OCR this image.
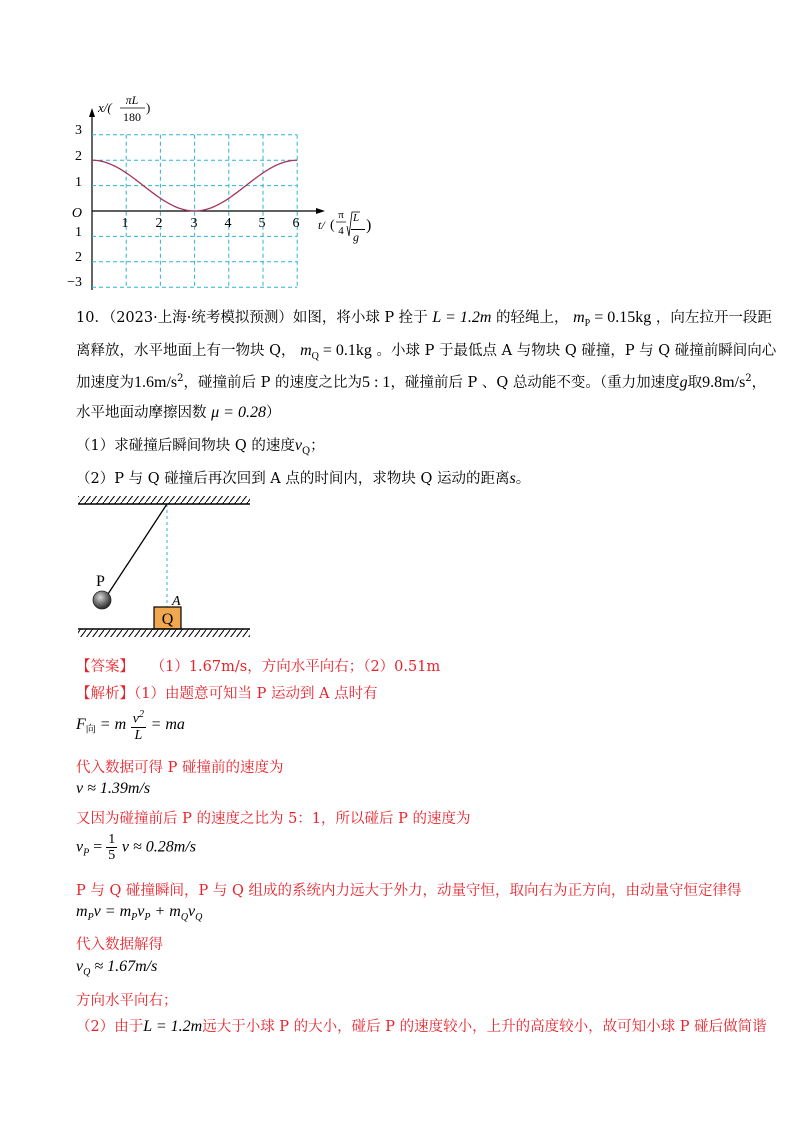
3
2
1
1
2
−3
O
1 2 3 4 5 6
x/( πL
180
)
t/ (
π
4
L
g
)
10．（2023·上海·统考模拟预测）如图，将小球 P 拴于 L = 1.2m 的轻绳上， $m_P = 0.15kg$ ，向左拉开一段距
离释放，水平地面上有一物块 Q， $m_Q = 0.1kg$ 。小球 P 于最低点 A 与物块 Q 碰撞，P 与 Q 碰撞前瞬间向心
加速度为$1.6m/s^2$，碰撞前后 P 的速度之比为5 : 1，碰撞前后 P 、Q 总动能不变。（重力加速度g取$9.8m/s^2$，
水平地面动摩擦因数 μ = 0.28）
（1）求碰撞后瞬间物块 Q 的速度$v_Q$；
（2）P 与 Q 碰撞后再次回到 A 点的时间内，求物块 Q 运动的距离s。
P
Q
A
【答案】 （1）1.67m/s，方向水平向右；（2）0.51m
【解析】（1）由题意可知当 P 运动到 A 点时有
$F_向 = m \frac{v^2}{L}$ = ma
代入数据可得 P 碰撞前的速度为
v ≈ 1.39m/s
又因为碰撞前后 P 的速度之比为 5：1，所以碰后 P 的速度为
$v_P = \frac{1}{5}$ v ≈ 0.28m/s
P 与 Q 碰撞瞬间，P 与 Q 组成的系统内力远大于外力，动量守恒，取向右为正方向，由动量守恒定律得
$m_Pv = m_Pv_P + m_Qv_Q$
代入数据解得
$v_Q \approx 1.67m/s$
方向水平向右；
（2）由于L = 1.2m远大于小球 P 的大小，碰后 P 的速度较小，上升的高度较小，故可知小球 P 碰后做简谐
